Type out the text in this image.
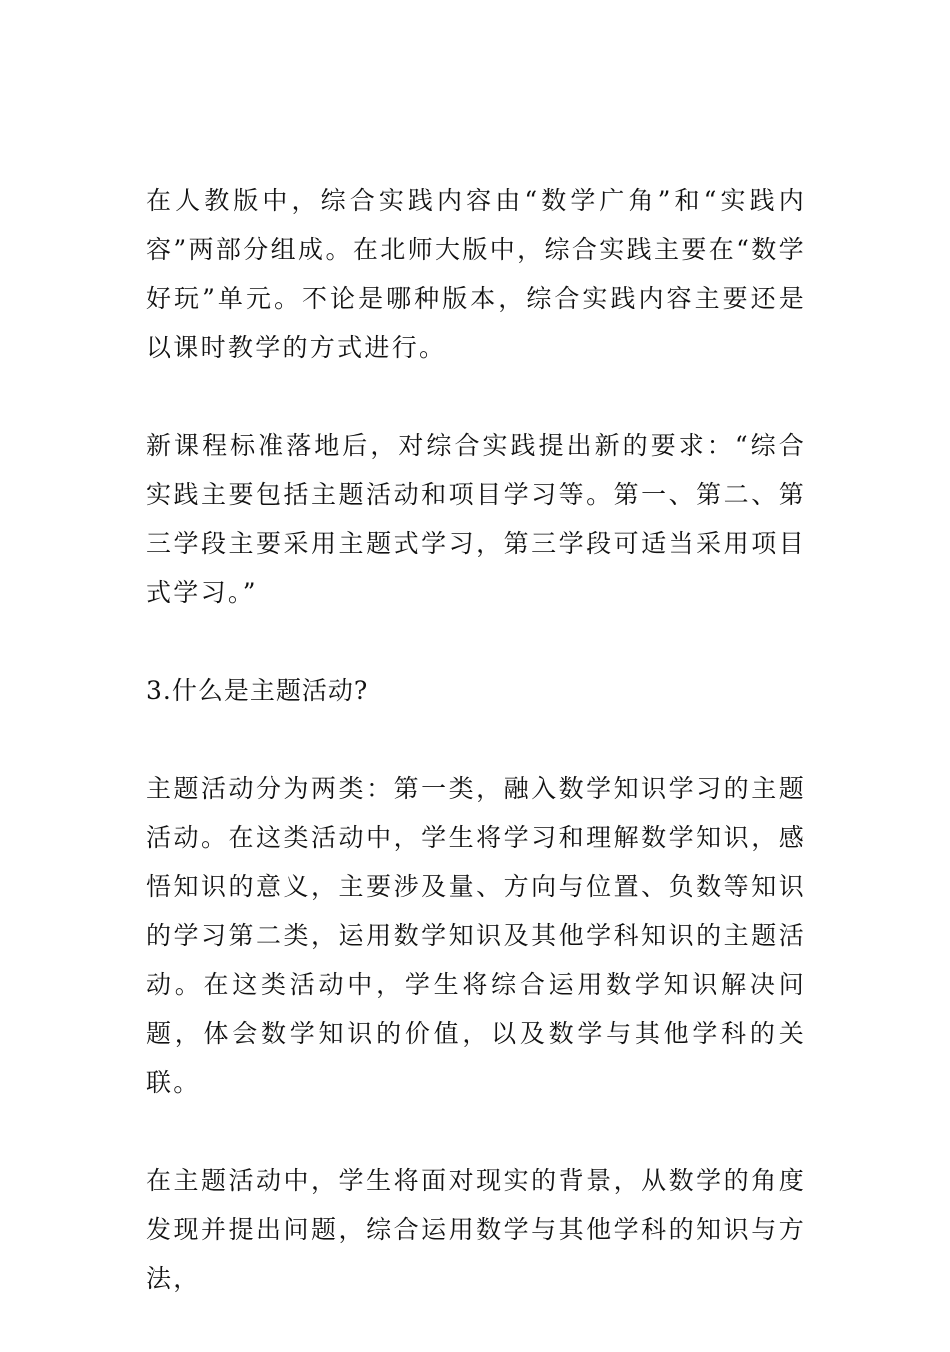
在人教版中，综合实践内容由“数学广角”和“实践内容”两部分组成。在北师大版中，综合实践主要在“数学好玩”单元。不论是哪种版本，综合实践内容主要还是以课时教学的方式进行。

新课程标准落地后，对综合实践提出新的要求：“综合实践主要包括主题活动和项目学习等。第一、第二、第三学段主要采用主题式学习，第三学段可适当采用项目式学习。”

3.什么是主题活动?

主题活动分为两类：第一类，融入数学知识学习的主题活动。在这类活动中，学生将学习和理解数学知识，感悟知识的意义，主要涉及量、方向与位置、负数等知识的学习第二类，运用数学知识及其他学科知识的主题活动。在这类活动中，学生将综合运用数学知识解决问题，体会数学知识的价值，以及数学与其他学科的关联。

在主题活动中，学生将面对现实的背景，从数学的角度发现并提出问题，综合运用数学与其他学科的知识与方法，
